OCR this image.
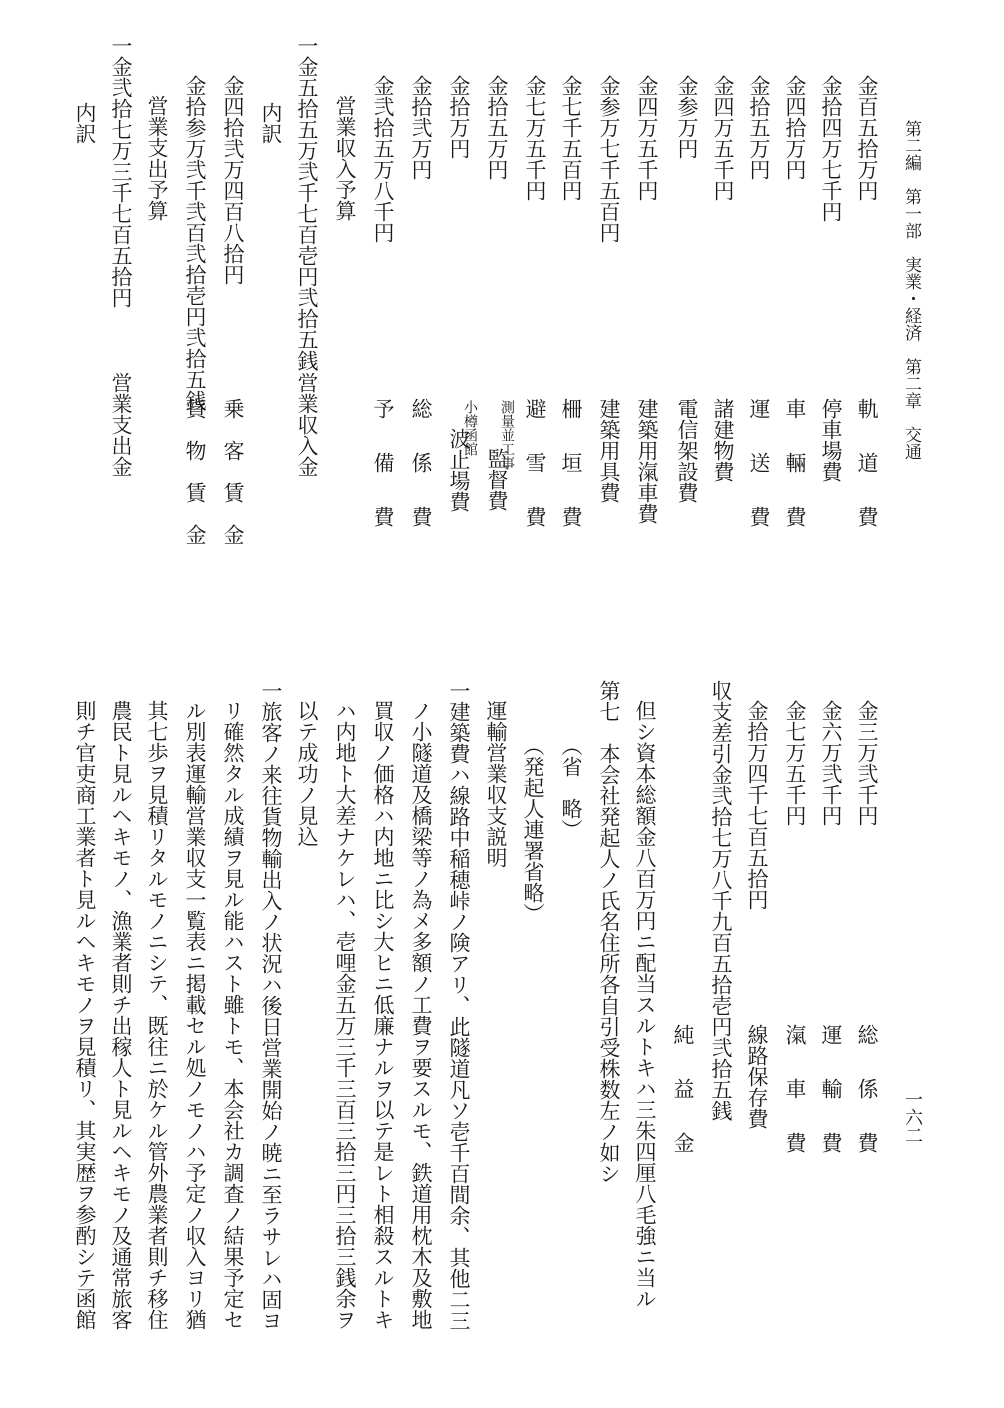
第二編　第一部　実業・経済　第二章　交通
一六二
金百五拾万円
軌　道　費
金拾四万七千円
停車場費
金四拾万円
車　輛　費
金拾五万円
運　送　費
金四万五千円
諸建物費
金参万円
電信架設費
金四万五千円
建築用滊車費
金参万七千五百円
建築用具費
金七千五百円
柵　垣　費
金七万五千円
避　雪　費
金拾五万円
測量並工事
監督費
金拾万円
小樽函館
波止場費
金拾弐万円
総　係　費
金弐拾五万八千円
予　備　費
営業収入予算
一金五拾五万弐千七百壱円弐拾五銭
営業収入金
内訳
金四拾弐万四百八拾円
乗　客　賃　金
金拾参万弐千弐百弐拾壱円弐拾五銭
貨　物　賃　金
営業支出予算
一金弐拾七万三千七百五拾円
営業支出金
内訳
金三万弐千円
総　係　費
金六万弐千円
運　輸　費
金七万五千円
滊　車　費
金拾万四千七百五拾円
線路保存費
収支差引金弐拾七万八千九百五拾壱円弐拾五銭
純　益　金
但シ資本総額金八百万円ニ配当スルトキハ三朱四厘八毛強ニ当ル
第七　本会社発起人ノ氏名住所各自引受株数左ノ如シ
（省　略）
（発起人連署省略）
運輸営業収支説明
一建築費ハ線路中稲穂峠ノ険アリ、此隧道凡ソ壱千百間余、其他二三
ノ小隧道及橋梁等ノ為メ多額ノ工費ヲ要スルモ、鉄道用枕木及敷地
買収ノ価格ハ内地ニ比シ大ヒニ低廉ナルヲ以テ是レト相殺スルトキ
ハ内地ト大差ナケレハ、壱哩金五万三千三百三拾三円三拾三銭余ヲ
以テ成功ノ見込
一旅客ノ来往貨物輸出入ノ状況ハ後日営業開始ノ暁ニ至ラサレハ固ヨ
リ確然タル成績ヲ見ル能ハスト雖トモ、本会社カ調査ノ結果予定セ
ル別表運輸営業収支一覧表ニ掲載セル処ノモノハ予定ノ収入ヨリ猶
其七歩ヲ見積リタルモノニシテ、既往ニ於ケル管外農業者則チ移住
農民ト見ルヘキモノ、漁業者則チ出稼人ト見ルヘキモノ及通常旅客
則チ官吏商工業者ト見ルヘキモノヲ見積リ、其実歴ヲ参酌シテ函館
